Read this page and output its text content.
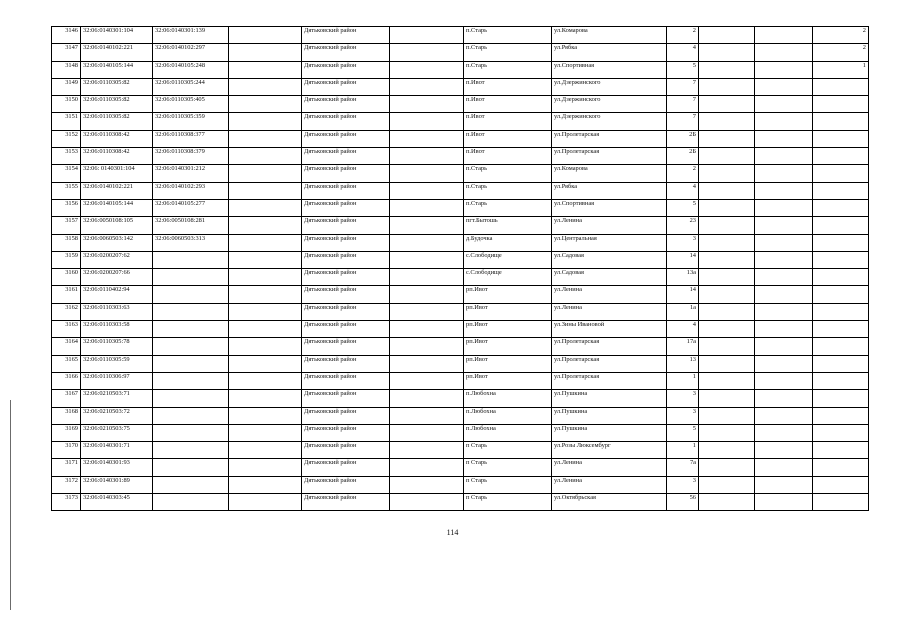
3146	32:06:0140301:104	32:06:0140301:139		Дятьковский район		п.Старь	ул.Комарова	2			2
3147	32:06:0140102:221	32:06:0140102:297		Дятьковский район		п.Старь	ул.Рябка	4			2
3148	32:06:0140105:144	32:06:0140105:248		Дятьковский район		п.Старь	ул.Спортивная	5			1
3149	32:06:0110305:82	32:06:0110305:244		Дятьковский район		п.Ивот	ул.Дзержинского	7			
3150	32:06:0110305:82	32:06:0110305:405		Дятьковский район		п.Ивот	ул.Дзержинского	7			
3151	32:06:0110305:82	32:06:0110305:359		Дятьковский район		п.Ивот	ул.Дзержинского	7			
3152	32:06:0110308:42	32:06:0110308:377		Дятьковский район		п.Ивот	ул.Пролетарская	2Б			
3153	32:06:0110308:42	32:06:0110308:379		Дятьковский район		п.Ивот	ул.Пролетарская	2Б			
3154	32:06: 0140301:104	32:06:0140301:212		Дятьковский район		п.Старь	ул.Комарова	2			
3155	32:06:0140102:221	32:06:0140102:293		Дятьковский район		п.Старь	ул.Рябка	4			
3156	32:06:0140105:144	32:06:0140105:277		Дятьковский район		п.Старь	ул.Спортивная	5			
3157	32:06:0050108:105	32:06:0050108:281		Дятьковский район		пгт.Бытошь	ул.Ленина	23			
3158	32:06:0060503:142	32:06:0060503:313		Дятьковский район		д.Будочка	ул.Центральная	3			
3159	32:06:0200207:62			Дятьковский район		с.Слободище	ул.Садовая	14			
3160	32:06:0200207:66			Дятьковский район		с.Слободище	ул.Садовая	13а			
3161	32:06:0110402:94			Дятьковский район		рп.Ивот	ул.Ленина	14			
3162	32:06:0110303:63			Дятьковский район		рп.Ивот	ул.Ленина	1а			
3163	32:06:0110303:58			Дятьковский район		рп.Ивот	ул.Зины Ивановой	4			
3164	32:06:0110305:78			Дятьковский район		рп.Ивот	ул.Пролетарская	17а			
3165	32:06:0110305:59			Дятьковский район		рп.Ивот	ул.Пролетарская	13			
3166	32:06:0110306:97			Дятьковский район		рп.Ивот	ул.Пролетарская	1			
3167	32:06:0210503:71			Дятьковский район		п.Любохна	ул.Пушкина	3			
3168	32:06:0210503:72			Дятьковский район		п.Любохна	ул.Пушкина	3			
3169	32:06:0210503:75			Дятьковский район		п.Любохна	ул.Пушкина	5			
3170	32:06:0140301:71			Дятьковский район		п Старь	ул.Розы Люксембург	1			
3171	32:06:0140301:93			Дятьковский район		п Старь	ул.Ленина	7а			
3172	32:06:0140301:89			Дятьковский район		п Старь	ул.Ленина	3			
3173	32:06:0140303:45			Дятьковский район		п Старь	ул.Октябрьская	56			
114
